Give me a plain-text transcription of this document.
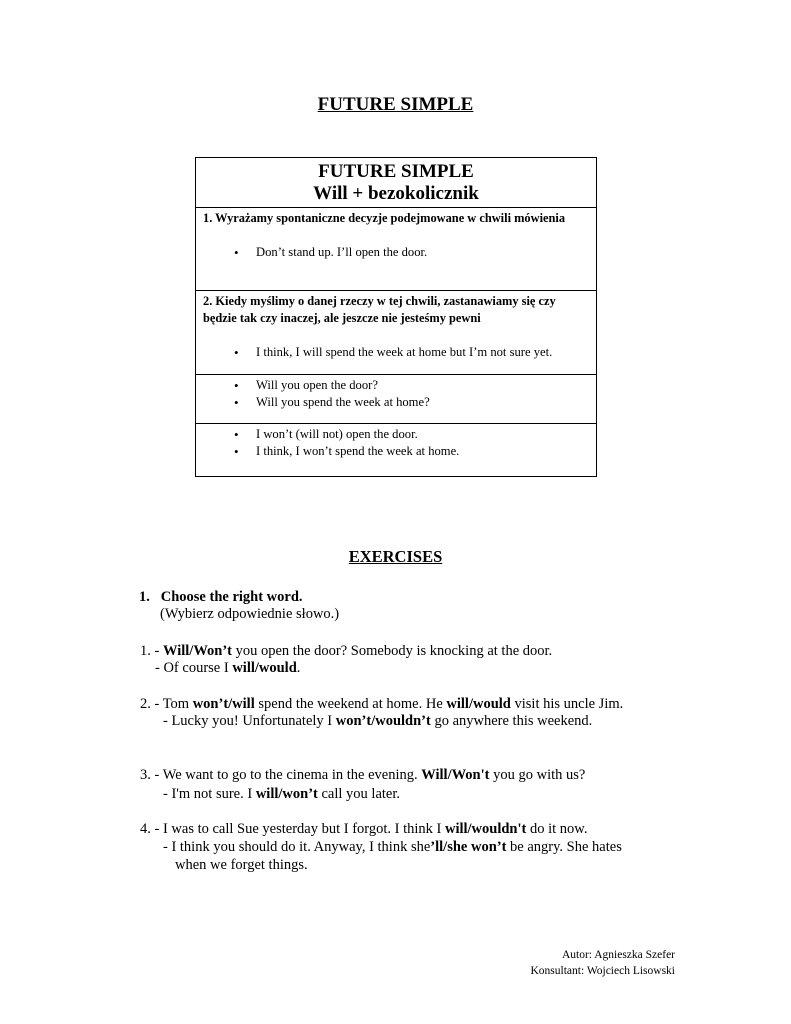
FUTURE SIMPLE
FUTURE SIMPLE
Will + bezokolicznik
1. Wyrażamy spontaniczne decyzje podejmowane w chwili mówienia
• Don’t stand up. I’ll open the door.
2. Kiedy myślimy o danej rzeczy w tej chwili, zastanawiamy się czy będzie tak czy inaczej, ale jeszcze nie jesteśmy pewni
• I think, I will spend the week at home but I’m not sure yet.
• Will you open the door?
• Will you spend the week at home?
• I won’t (will not) open the door.
• I think, I won’t spend the week at home.
EXERCISES
1. Choose the right word.
(Wybierz odpowiednie słowo.)
1. - Will/Won’t you open the door? Somebody is knocking at the door.
- Of course I will/would.
2. - Tom won’t/will spend the weekend at home. He will/would visit his uncle Jim.
- Lucky you! Unfortunately I won’t/wouldn’t go anywhere this weekend.
3. - We want to go to the cinema in the evening. Will/Won't you go with us?
- I'm not sure. I will/won’t call you later.
4. - I was to call Sue yesterday but I forgot. I think I will/wouldn't do it now.
- I think you should do it. Anyway, I think she’ll/she won’t be angry. She hates
when we forget things.
Autor: Agnieszka Szefer
Konsultant: Wojciech Lisowski
